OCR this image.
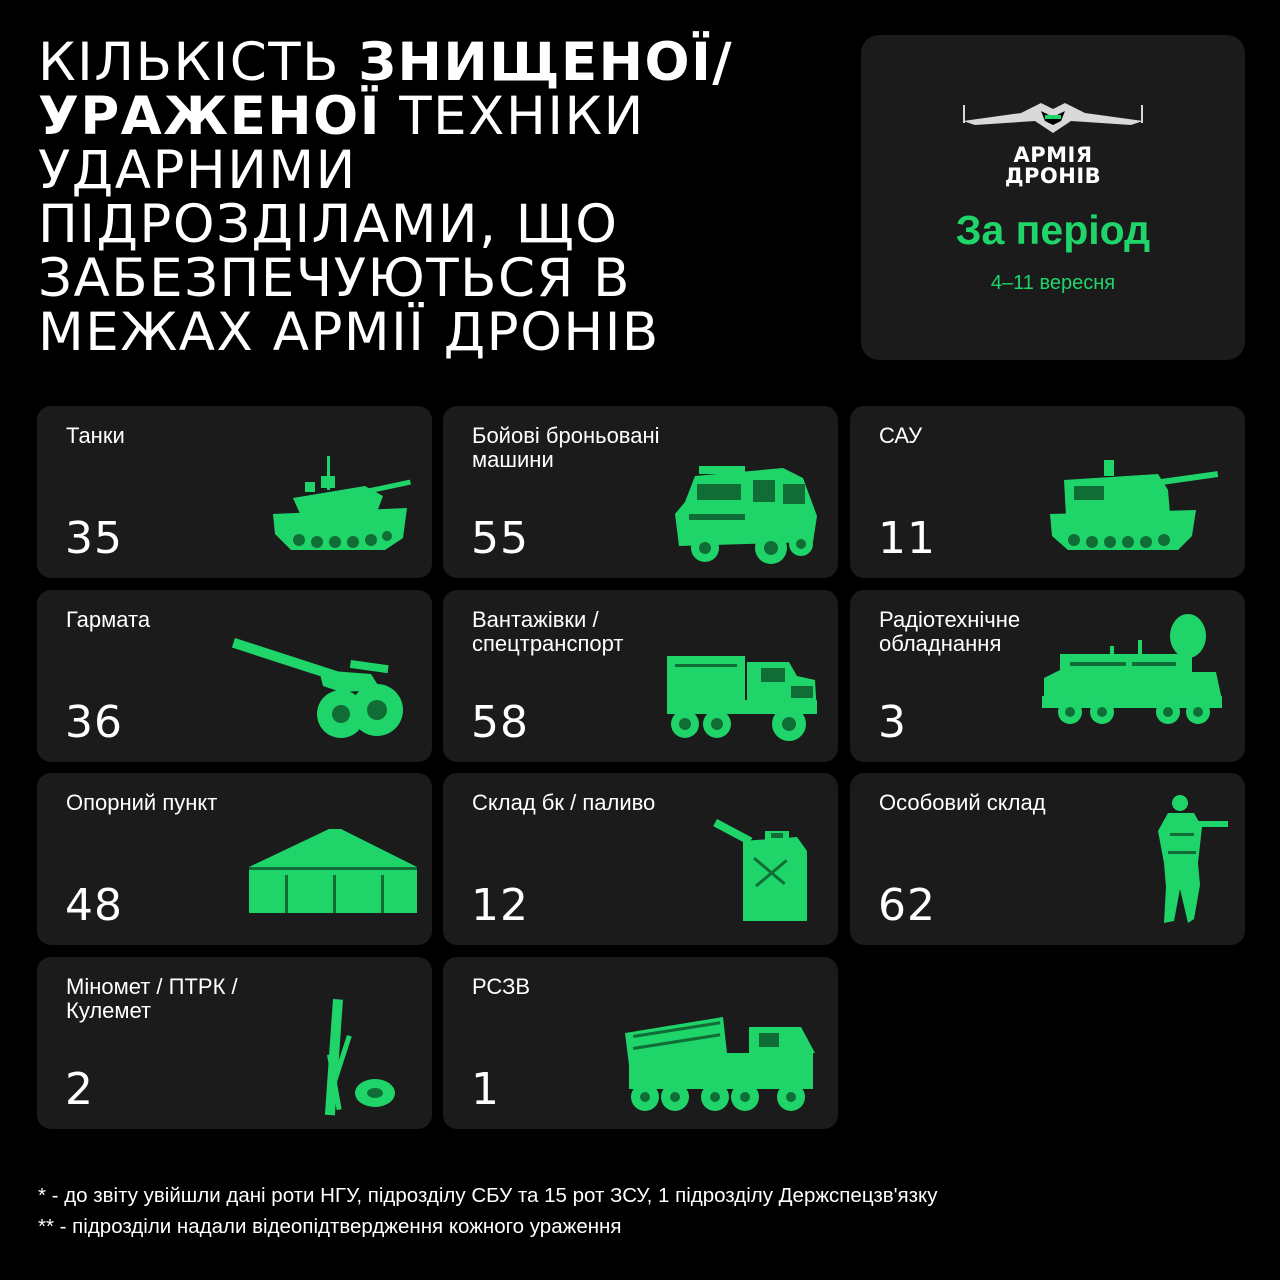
КІЛЬКІСТЬ ЗНИЩЕНОЇ/
УРАЖЕНОЇ ТЕХНІКИ
УДАРНИМИ
ПІДРОЗДІЛАМИ, ЩО
ЗАБЕЗПЕЧУЮТЬСЯ В
МЕЖАХ АРМІЇ ДРОНІВ
АРМІЯ
ДРОНІВ
За період
4–11 вересня
Танки
35
Бойові броньовані машини
55
САУ
11
Гармата
36
Вантажівки / спецтранспорт
58
Радіотехнічне обладнання
3
Опорний пункт
48
Склад бк / паливо
12
Особовий склад
62
Міномет / ПТРК /Кулемет
2
РСЗВ
1
* - до звіту увійшли дані роти НГУ, підрозділу СБУ та 15 рот ЗСУ, 1 підрозділу Держспецзв'язку
** - підрозділи надали відеопідтвердження кожного ураження
